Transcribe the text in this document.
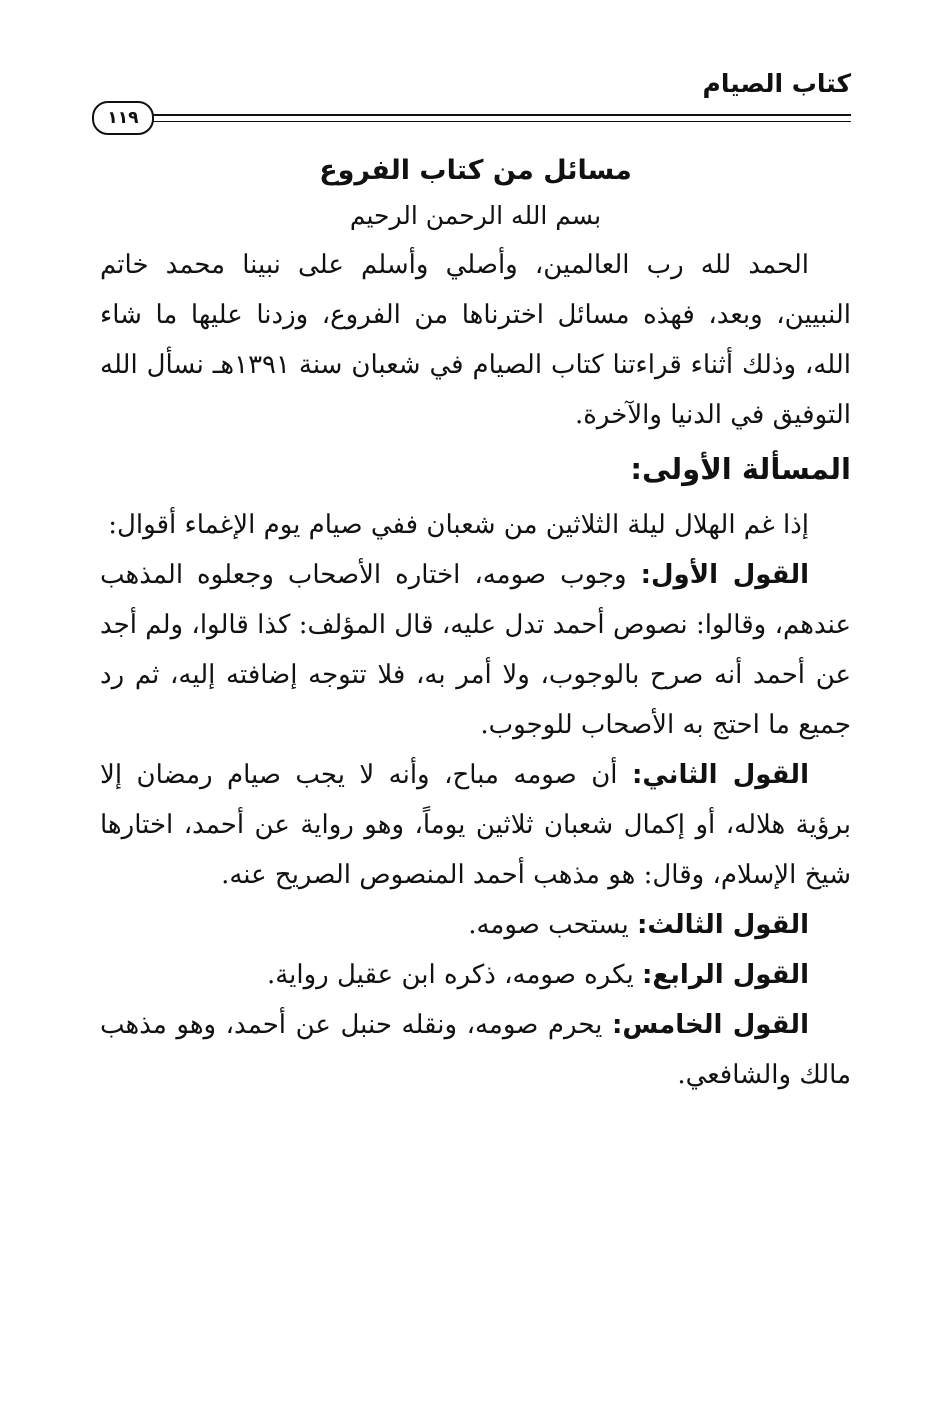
كتاب الصيام
١١٩
مسائل من كتاب الفروع

بسم الله الرحمن الرحيم

الحمد لله رب العالمين، وأصلي وأسلم على نبينا محمد خاتم النبيين، وبعد، فهذه مسائل اخترناها من الفروع، وزدنا عليها ما شاء الله، وذلك أثناء قراءتنا كتاب الصيام في شعبان سنة ١٣٩١هـ نسأل الله التوفيق في الدنيا والآخرة.

المسألة الأولى:

إذا غم الهلال ليلة الثلاثين من شعبان ففي صيام يوم الإغماء أقوال:

القول الأول: وجوب صومه، اختاره الأصحاب وجعلوه المذهب عندهم، وقالوا: نصوص أحمد تدل عليه، قال المؤلف: كذا قالوا، ولم أجد عن أحمد أنه صرح بالوجوب، ولا أمر به، فلا تتوجه إضافته إليه، ثم رد جميع ما احتج به الأصحاب للوجوب.

القول الثاني: أن صومه مباح، وأنه لا يجب صيام رمضان إلا برؤية هلاله، أو إكمال شعبان ثلاثين يوماً، وهو رواية عن أحمد، اختارها شيخ الإسلام، وقال: هو مذهب أحمد المنصوص الصريح عنه.

القول الثالث: يستحب صومه.

القول الرابع: يكره صومه، ذكره ابن عقيل رواية.

القول الخامس: يحرم صومه، ونقله حنبل عن أحمد، وهو مذهب مالك والشافعي.
